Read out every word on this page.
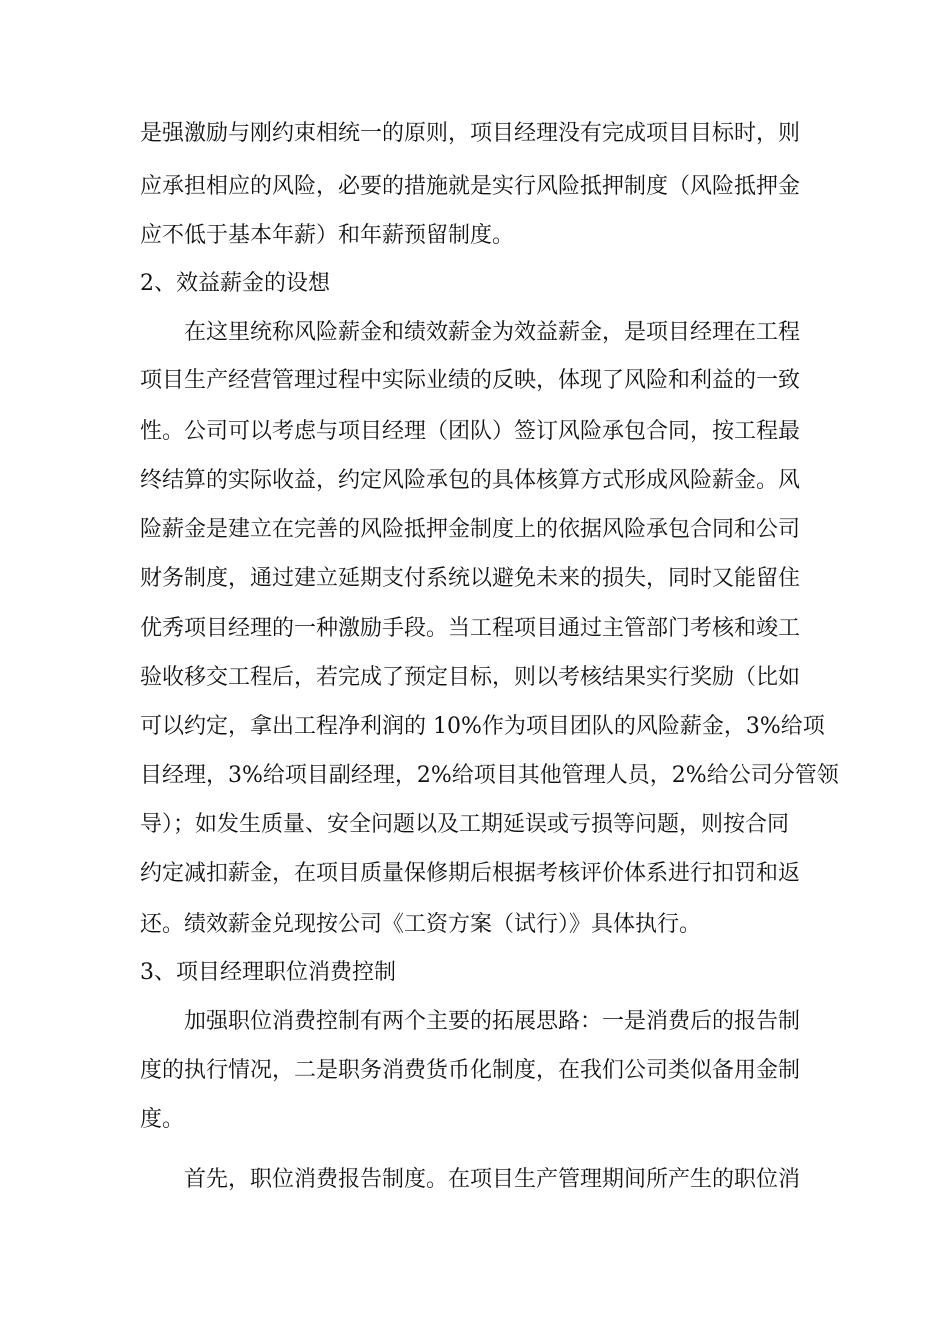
是强激励与刚约束相统一的原则，项目经理没有完成项目目标时，则
应承担相应的风险，必要的措施就是实行风险抵押制度（风险抵押金
应不低于基本年薪）和年薪预留制度。
2、效益薪金的设想
在这里统称风险薪金和绩效薪金为效益薪金，是项目经理在工程
项目生产经营管理过程中实际业绩的反映，体现了风险和利益的一致
性。公司可以考虑与项目经理（团队）签订风险承包合同，按工程最
终结算的实际收益，约定风险承包的具体核算方式形成风险薪金。风
险薪金是建立在完善的风险抵押金制度上的依据风险承包合同和公司
财务制度，通过建立延期支付系统以避免未来的损失，同时又能留住
优秀项目经理的一种激励手段。当工程项目通过主管部门考核和竣工
验收移交工程后，若完成了预定目标，则以考核结果实行奖励（比如
可以约定，拿出工程净利润的 10%作为项目团队的风险薪金，3%给项
目经理，3%给项目副经理，2%给项目其他管理人员，2%给公司分管领
导）；如发生质量、安全问题以及工期延误或亏损等问题，则按合同
约定减扣薪金，在项目质量保修期后根据考核评价体系进行扣罚和返
还。绩效薪金兑现按公司《工资方案（试行）》具体执行。
3、项目经理职位消费控制
加强职位消费控制有两个主要的拓展思路：一是消费后的报告制
度的执行情况，二是职务消费货币化制度，在我们公司类似备用金制
度。
首先，职位消费报告制度。在项目生产管理期间所产生的职位消
